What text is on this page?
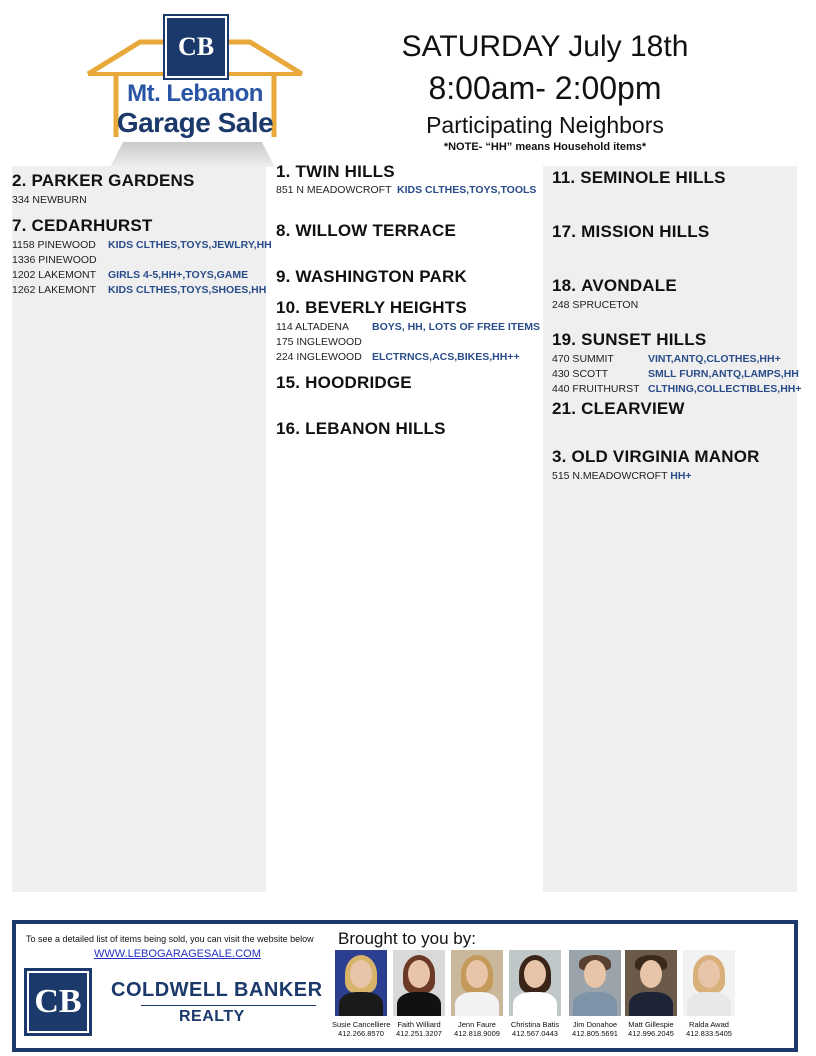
CB
Mt. Lebanon
Garage Sale
SATURDAY July 18th
8:00am- 2:00pm
Participating Neighbors
*NOTE- “HH” means Household items*
2. PARKER GARDENS
334 NEWBURN
7. CEDARHURST
1158 PINEWOOD KIDS CLTHES,TOYS,JEWLRY,HH
1336 PINEWOOD
1202 LAKEMONT GIRLS 4-5,HH+,TOYS,GAME
1262 LAKEMONT KIDS CLTHES,TOYS,SHOES,HH
1. TWIN HILLS
851 N MEADOWCROFT KIDS CLTHES,TOYS,TOOLS
8. WILLOW TERRACE
9. WASHINGTON PARK
10. BEVERLY HEIGHTS
114 ALTADENA BOYS, HH, LOTS OF FREE ITEMS
175 INGLEWOOD
224 INGLEWOOD ELCTRNCS,ACS,BIKES,HH++
15. HOODRIDGE
16. LEBANON HILLS
11. SEMINOLE HILLS
17. MISSION HILLS
18. AVONDALE
248 SPRUCETON
19. SUNSET HILLS
470 SUMMIT	VINT,ANTQ,CLOTHES,HH+
430 SCOTT	SMLL FURN,ANTQ,LAMPS,HH
440 FRUITHURST CLTHING,COLLECTIBLES,HH+
21. CLEARVIEW
3. OLD VIRGINIA MANOR
515 N.MEADOWCROFT HH+
To see a detailed list of items being sold, you can visit the website below
WWW.LEBOGARAGESALE.COM
CB	COLDWELL BANKER
REALTY
Brought to you by:
Susie Cancelliere
412.266.8570
Faith Williard
412.251.3207
Jenn Faure
412.818.9009
Christina Batis
412.567.0443
Jim Donahoe
412.805.5691
Matt Gillespie
412.996.2045
Ralda Awad
412.833.5405
